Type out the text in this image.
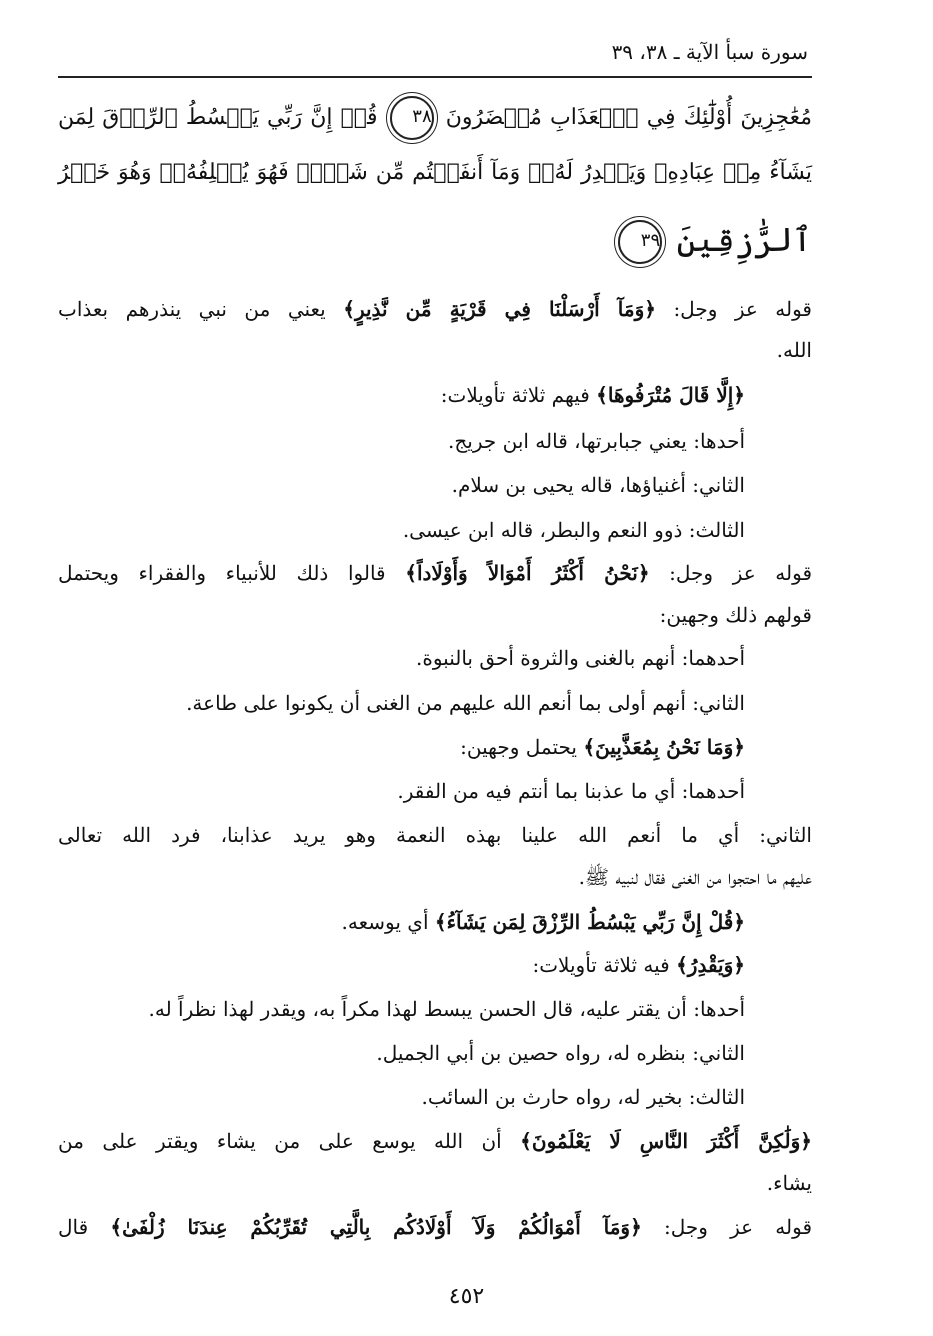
سورة سبأ الآية ـ ٣٨، ٣٩
مُعَٰجِزِينَ أُوْلَٰٓئِكَ فِي ٱلۡعَذَابِ مُحۡضَرُونَ ٣٨ قُلۡ إِنَّ رَبِّي يَبۡسُطُ ٱلرِّزۡقَ لِمَن
يَشَآءُ مِنۡ عِبَادِهِۦ وَيَقۡدِرُ لَهُۥۚ وَمَآ أَنفَقۡتُم مِّن شَيۡءٖ فَهُوَ يُخۡلِفُهُۥۖ وَهُوَ خَيۡرُ
ٱلرَّٰزِقِينَ ٣٩
قوله عز وجل: ﴿وَمَآ أَرْسَلْنَا فِي قَرْيَةٍ مِّن نَّذِيرٍ﴾ يعني من نبي ينذرهم بعذاب
الله.
﴿إِلَّا قَالَ مُتْرَفُوهَا﴾ فيهم ثلاثة تأويلات:
أحدها: يعني جبابرتها، قاله ابن جريج.
الثاني: أغنياؤها، قاله يحيى بن سلام.
الثالث: ذوو النعم والبطر، قاله ابن عيسى.
قوله عز وجل: ﴿نَحْنُ أَكْثَرُ أَمْوَالاً وَأَوْلَاداً﴾ قالوا ذلك للأنبياء والفقراء ويحتمل
قولهم ذلك وجهين:
أحدهما: أنهم بالغنى والثروة أحق بالنبوة.
الثاني: أنهم أولى بما أنعم الله عليهم من الغنى أن يكونوا على طاعة.
﴿وَمَا نَحْنُ بِمُعَذَّبِينَ﴾ يحتمل وجهين:
أحدهما: أي ما عذبنا بما أنتم فيه من الفقر.
الثاني: أي ما أنعم الله علينا بهذه النعمة وهو يريد عذابنا، فرد الله تعالى
عليهم ما احتجوا من الغنى فقال لنبيه ﷺ.
﴿قُلْ إِنَّ رَبِّي يَبْسُطُ الرِّزْقَ لِمَن يَشَآءُ﴾ أي يوسعه.
﴿وَيَقْدِرُ﴾ فيه ثلاثة تأويلات:
أحدها: أن يقتر عليه، قال الحسن يبسط لهذا مكراً به، ويقدر لهذا نظراً له.
الثاني: بنظره له، رواه حصين بن أبي الجميل.
الثالث: بخير له، رواه حارث بن السائب.
﴿وَلَٰكِنَّ أَكْثَرَ النَّاسِ لَا يَعْلَمُونَ﴾ أن الله يوسع على من يشاء ويقتر على من
يشاء.
قوله عز وجل: ﴿وَمَآ أَمْوَالُكُمْ وَلَآ أَوْلَادُكُم بِالَّتِي تُقَرِّبُكُمْ عِندَنَا زُلْفَىٰ﴾ قال
٤٥٢
